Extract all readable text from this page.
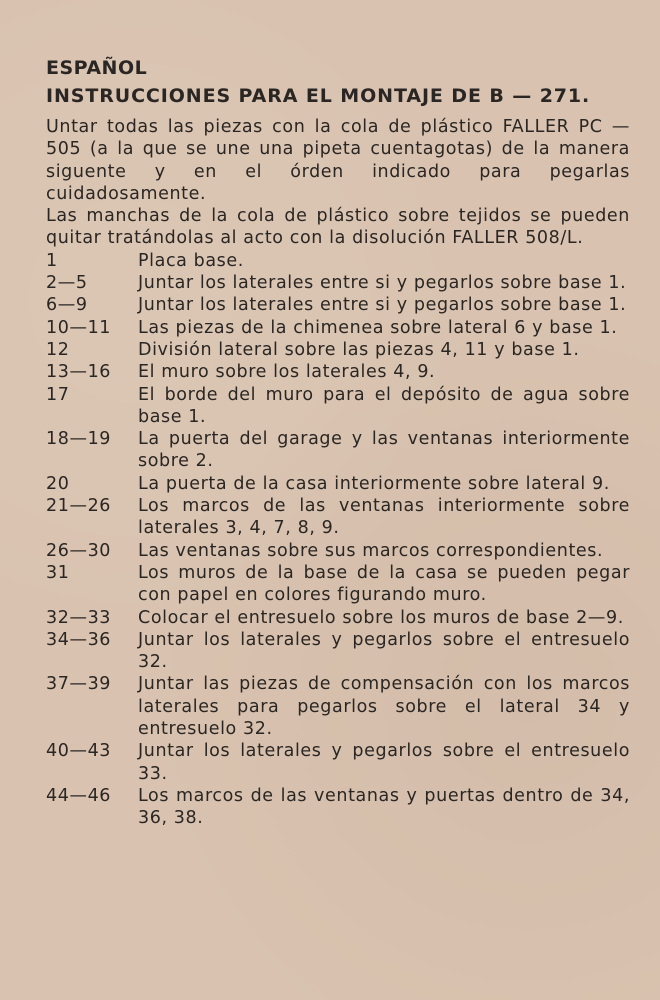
ESPAÑOL
INSTRUCCIONES PARA EL MONTAJE DE B — 271.

Untar todas las piezas con la cola de plástico FALLER PC — 505 (a la que se une una pipeta cuentagotas) de la manera siguente y en el órden indicado para pegarlas cuidadosamente.

Las manchas de la cola de plástico sobre tejidos se pueden quitar tratándolas al acto con la disolución FALLER 508/L.

1	Placa base.
2—5	Juntar los laterales entre si y pegarlos sobre base 1.
6—9	Juntar los laterales entre si y pegarlos sobre base 1.
10—11	Las piezas de la chimenea sobre lateral 6 y base 1.
12	División lateral sobre las piezas 4, 11 y base 1.
13—16	El muro sobre los laterales 4, 9.
17	El borde del muro para el depósito de agua sobre base 1.
18—19	La puerta del garage y las ventanas interiormente sobre 2.
20	La puerta de la casa interiormente sobre lateral 9.
21—26	Los marcos de las ventanas interiormente sobre laterales 3, 4, 7, 8, 9.
26—30	Las ventanas sobre sus marcos correspondientes.
31	Los muros de la base de la casa se pueden pegar con papel en colores figurando muro.
32—33	Colocar el entresuelo sobre los muros de base 2—9.
34—36	Juntar los laterales y pegarlos sobre el entresuelo 32.
37—39	Juntar las piezas de compensación con los marcos laterales para pegarlos sobre el lateral 34 y entresuelo 32.
40—43	Juntar los laterales y pegarlos sobre el entresuelo 33.
44—46	Los marcos de las ventanas y puertas dentro de 34, 36, 38.
